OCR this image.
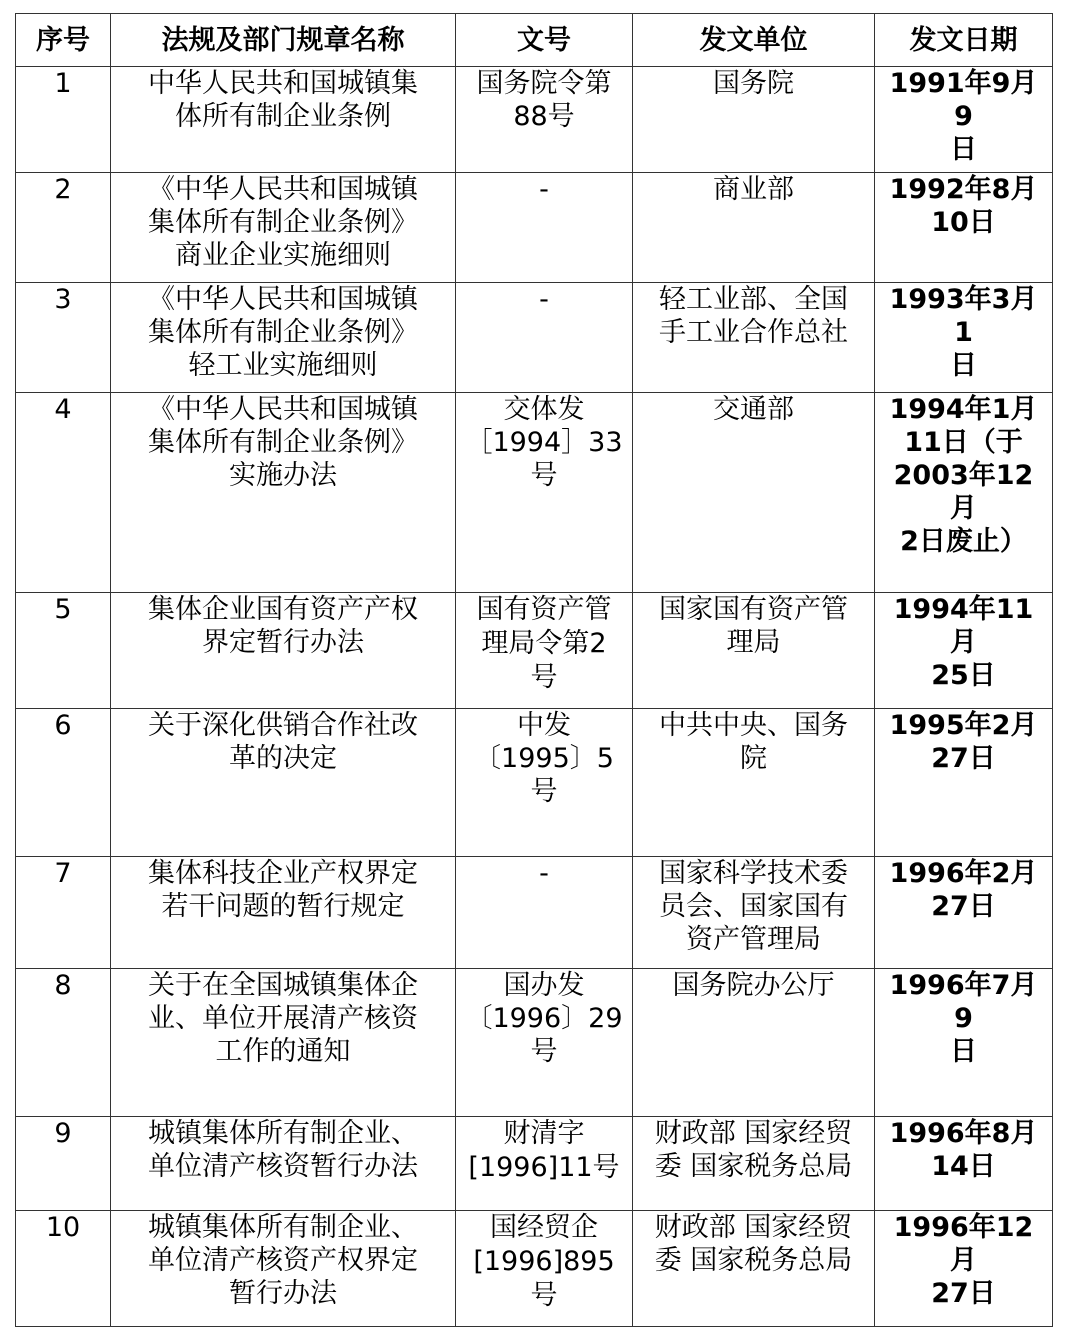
序号	法规及部门规章名称	文号	发文单位	发文日期

1	中华人民共和国城镇集
体所有制企业条例	国务院令第
88号	国务院	1991年9月9
日

2	《中华人民共和国城镇
集体所有制企业条例》
商业企业实施细则	-	商业部	1992年8月
10日

3	《中华人民共和国城镇
集体所有制企业条例》
轻工业实施细则	-	轻工业部、全国
手工业合作总社	1993年3月1
日

4	《中华人民共和国城镇
集体所有制企业条例》
实施办法	交体发
［1994］33
号	交通部	1994年1月
11日（于
2003年12月
2日废止）

5	集体企业国有资产产权
界定暂行办法	国有资产管
理局令第2
号	国家国有资产管
理局	1994年11月
25日

6	关于深化供销合作社改
革的决定	中发
〔1995〕5
号	中共中央、国务
院	1995年2月
27日

7	集体科技企业产权界定
若干问题的暂行规定	-	国家科学技术委
员会、国家国有
资产管理局	1996年2月
27日

8	关于在全国城镇集体企
业、单位开展清产核资
工作的通知	国办发
〔1996〕29
号	国务院办公厅	1996年7月9
日

9	城镇集体所有制企业、
单位清产核资暂行办法	财清字
[1996]11号	财政部 国家经贸
委 国家税务总局	1996年8月
14日

10	城镇集体所有制企业、
单位清产核资产权界定
暂行办法	国经贸企
[1996]895
号	财政部 国家经贸
委 国家税务总局	1996年12月
27日
